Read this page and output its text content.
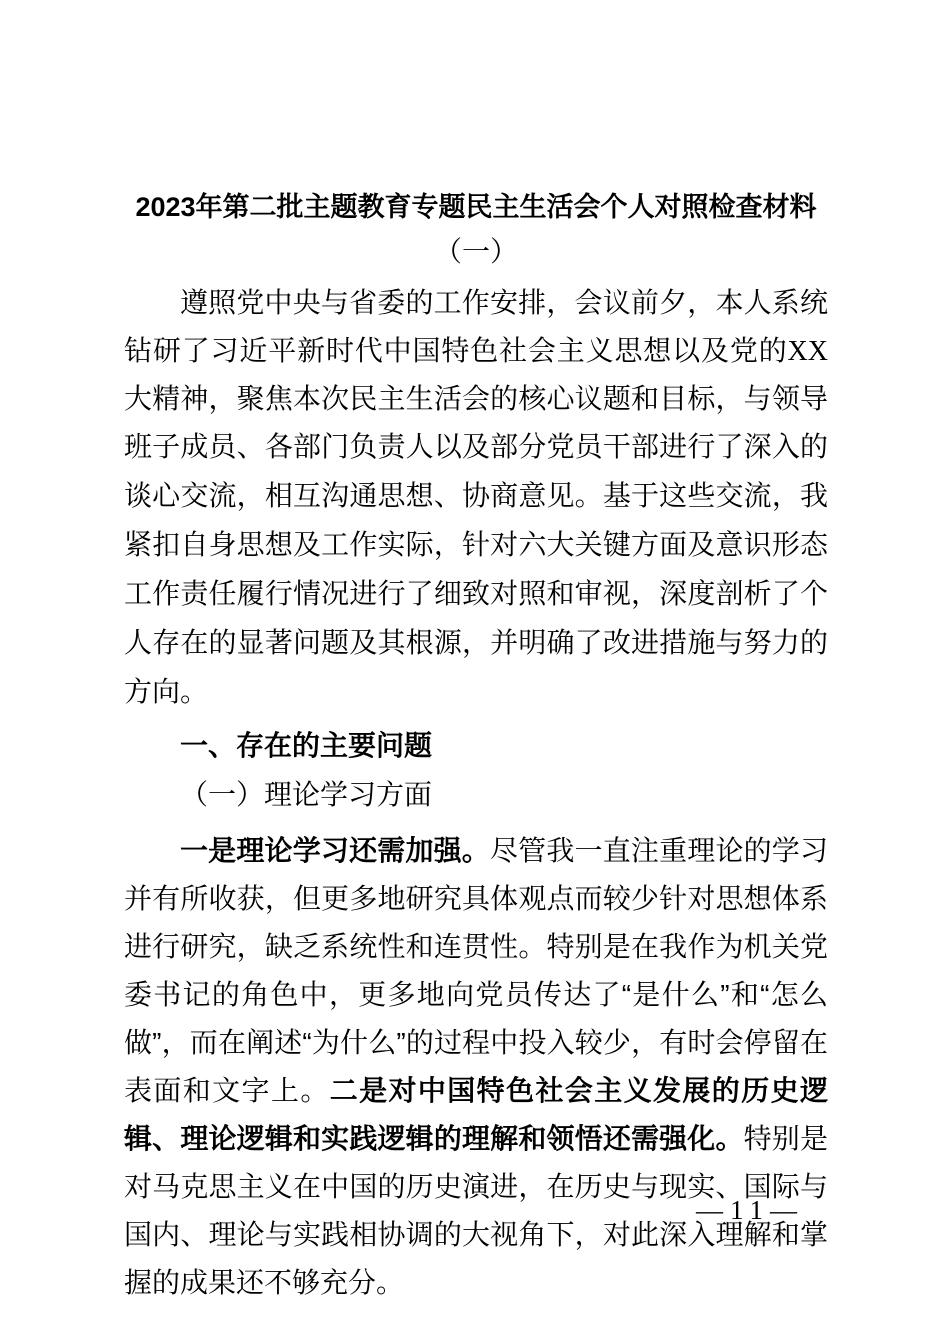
2023年第二批主题教育专题民主生活会个人对照检查材料
（一）

遵照党中央与省委的工作安排，会议前夕，本人系统钻研了习近平新时代中国特色社会主义思想以及党的XX大精神，聚焦本次民主生活会的核心议题和目标，与领导班子成员、各部门负责人以及部分党员干部进行了深入的谈心交流，相互沟通思想、协商意见。基于这些交流，我紧扣自身思想及工作实际，针对六大关键方面及意识形态工作责任履行情况进行了细致对照和审视，深度剖析了个人存在的显著问题及其根源，并明确了改进措施与努力的方向。

一、存在的主要问题

（一）理论学习方面

一是理论学习还需加强。尽管我一直注重理论的学习并有所收获，但更多地研究具体观点而较少针对思想体系进行研究，缺乏系统性和连贯性。特别是在我作为机关党委书记的角色中，更多地向党员传达了“是什么”和“怎么做”，而在阐述“为什么”的过程中投入较少，有时会停留在表面和文字上。二是对中国特色社会主义发展的历史逻辑、理论逻辑和实践逻辑的理解和领悟还需强化。特别是对马克思主义在中国的历史演进，在历史与现实、国际与国内、理论与实践相协调的大视角下，对此深入理解和掌握的成果还不够充分。

—11—
